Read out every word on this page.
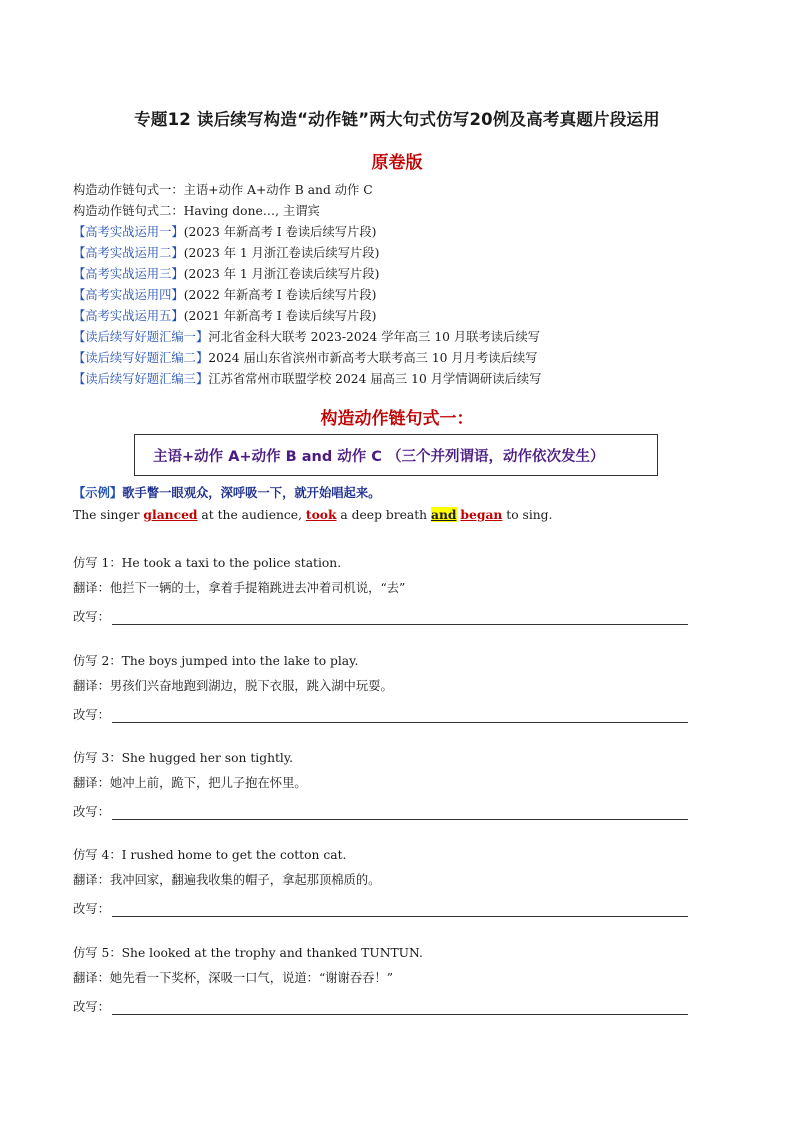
专题12 读后续写构造“动作链”两大句式仿写20例及高考真题片段运用
原卷版
构造动作链句式一：主语+动作 A+动作 B and 动作 C
构造动作链句式二：Having done…, 主谓宾
【高考实战运用一】(2023 年新高考 I 卷读后续写片段)
【高考实战运用二】(2023 年 1 月浙江卷读后续写片段)
【高考实战运用三】(2023 年 1 月浙江卷读后续写片段)
【高考实战运用四】(2022 年新高考 I 卷读后续写片段)
【高考实战运用五】(2021 年新高考 I 卷读后续写片段)
【读后续写好题汇编一】河北省金科大联考 2023-2024 学年高三 10 月联考读后续写
【读后续写好题汇编二】2024 届山东省滨州市新高考大联考高三 10 月月考读后续写
【读后续写好题汇编三】江苏省常州市联盟学校 2024 届高三 10 月学情调研读后续写
构造动作链句式一：
主语+动作 A+动作 B and 动作 C （三个并列谓语，动作依次发生）
【示例】歌手瞥一眼观众，深呼吸一下，就开始唱起来。
The singer glanced at the audience, took a deep breath and began to sing.
仿写 1：He took a taxi to the police station.
翻译：他拦下一辆的士，拿着手提箱跳进去冲着司机说，“去”
改写：
仿写 2：The boys jumped into the lake to play.
翻译：男孩们兴奋地跑到湖边，脱下衣服，跳入湖中玩耍。
改写：
仿写 3：She hugged her son tightly.
翻译：她冲上前，跪下，把儿子抱在怀里。
改写：
仿写 4：I rushed home to get the cotton cat.
翻译：我冲回家，翻遍我收集的帽子，拿起那顶棉质的。
改写：
仿写 5：She looked at the trophy and thanked TUNTUN.
翻译：她先看一下奖杯，深吸一口气，说道：“谢谢吞吞！”
改写：
